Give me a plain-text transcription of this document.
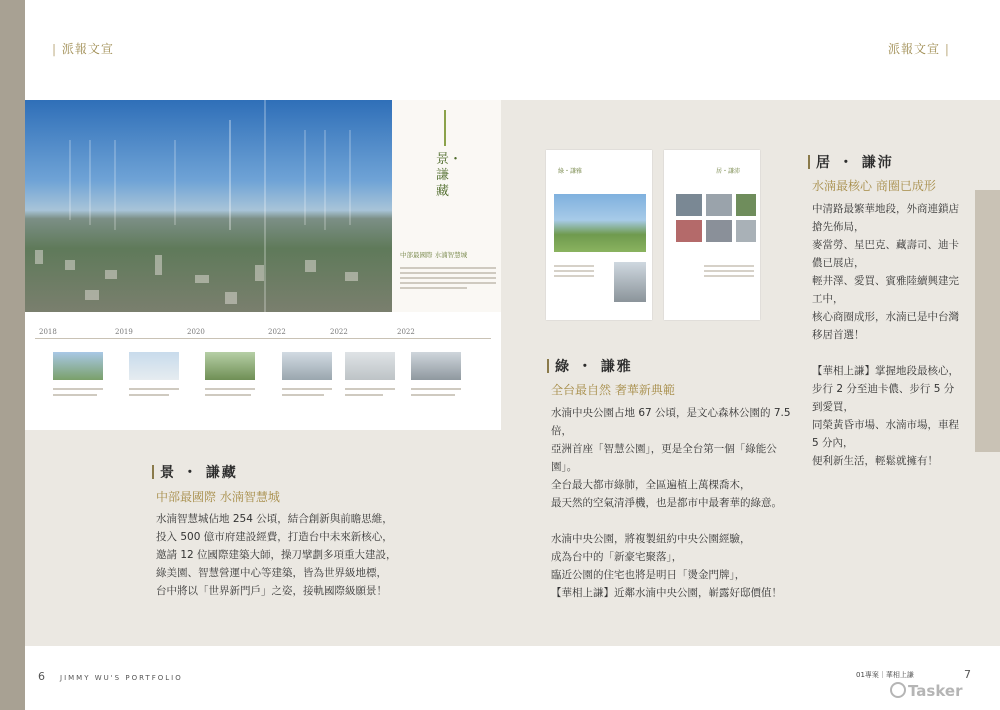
| 派報文宣	派報文宣 |
景・謙藏
中部最國際 水湳智慧城
2018	2019	2020	2022	2022	2022
景 ・ 謙藏
中部最國際 水湳智慧城
水湳智慧城佔地 254 公頃，結合創新與前瞻思維，
投入 500 億市府建設經費，打造台中未來新核心，
邀請 12 位國際建築大師，操刀擘劃多項重大建設，
綠美園、智慧營運中心等建築，皆為世界級地標，
台中將以「世界新門戶」之姿，接軌國際級願景！
綠・謙雅	居・謙沛
綠 ・ 謙雅
全台最自然 奢華新典範
水湳中央公園占地 67 公頃，是文心森林公園的 7.5
倍，
亞洲首座「智慧公園」，更是全台第一個「綠能公
園」。
全台最大都市綠肺，全區遍植上萬棵喬木，
最天然的空氣清淨機，也是都市中最奢華的綠意。

水湳中央公園，將複製紐約中央公園經驗，
成為台中的「新豪宅聚落」，
臨近公園的住宅也將是明日「燙金門牌」，
【華相上謙】近鄰水湳中央公園，嶄露好邸價值！
居 ・ 謙沛
水湳最核心 商圈已成形
中清路最繁華地段，外商連鎖店
搶先佈局，
麥當勞、星巴克、藏壽司、迪卡
儂已展店，
輕井澤、愛買、賓雅陸續興建完
工中，
核心商圈成形，水湳已是中台灣
移居首選！

【華相上謙】掌握地段最核心，
步行 2 分至迪卡儂、步行 5 分
到愛買，
同榮黃昏市場、水湳市場，車程
5 分內，
便利新生活，輕鬆就擁有！
6 JIMMY WU'S PORTFOLIO	01專案｜華相上謙	7
Tasker
